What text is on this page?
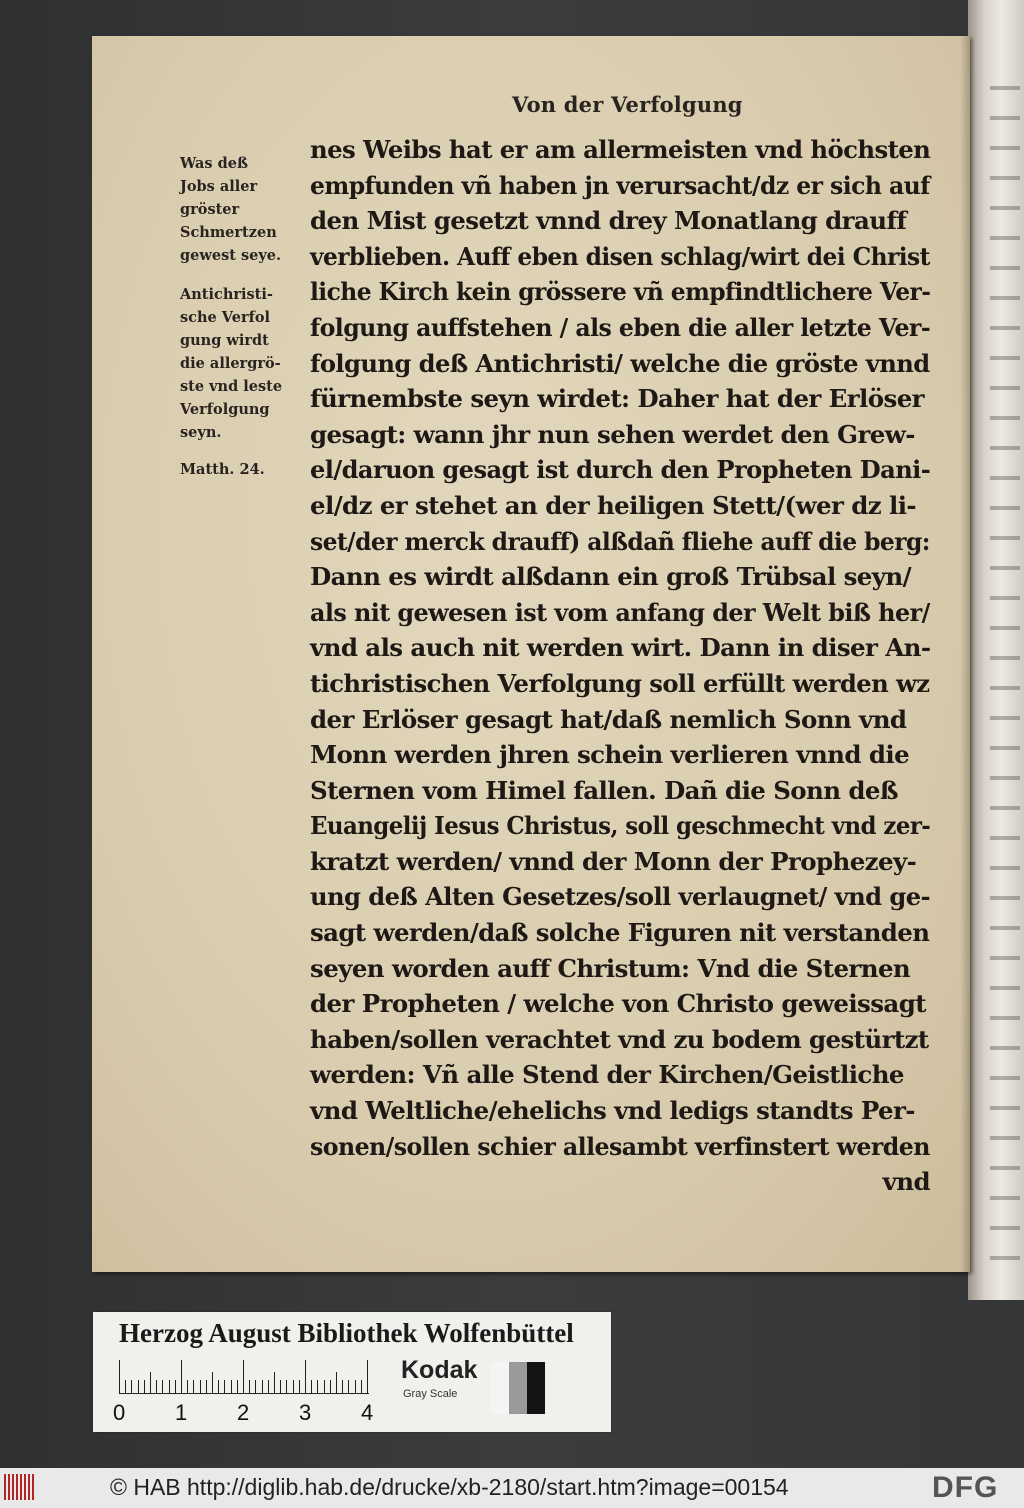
Von der Verfolgung
Was deß
Jobs aller
gröster
Schmertzen
gewest seye.
Antichristi-
sche Verfol
gung wirdt
die allergrö-
ste vnd leste
Verfolgung
seyn.
Matth. 24.
nes Weibs hat er am allermeisten vnd höchsten
empfunden vñ haben jn verursacht/dz er sich auf
den Mist gesetzt vnnd drey Monatlang drauff
verblieben. Auff eben disen schlag/wirt dei Christ
liche Kirch kein grössere vñ empfindtlichere Ver-
folgung auffstehen / als eben die aller letzte Ver-
folgung deß Antichristi/ welche die gröste vnnd
fürnembste seyn wirdet: Daher hat der Erlöser
gesagt: wann jhr nun sehen werdet den Grew-
el/daruon gesagt ist durch den Propheten Dani-
el/dz er stehet an der heiligen Stett/(wer dz li-
set/der merck drauff) alßdañ fliehe auff die berg:
Dann es wirdt alßdann ein groß Trübsal seyn/
als nit gewesen ist vom anfang der Welt biß her/
vnd als auch nit werden wirt. Dann in diser An-
tichristischen Verfolgung soll erfüllt werden wz
der Erlöser gesagt hat/daß nemlich Sonn vnd
Monn werden jhren schein verlieren vnnd die
Sternen vom Himel fallen. Dañ die Sonn deß
Euangelij Iesus Christus, soll geschmecht vnd zer-
kratzt werden/ vnnd der Monn der Prophezey-
ung deß Alten Gesetzes/soll verlaugnet/ vnd ge-
sagt werden/daß solche Figuren nit verstanden
seyen worden auff Christum: Vnd die Sternen
der Propheten / welche von Christo geweissagt
haben/sollen verachtet vnd zu bodem gestürtzt
werden: Vñ alle Stend der Kirchen/Geistliche
vnd Weltliche/ehelichs vnd ledigs standts Per-
sonen/sollen schier allesambt verfinstert werden
vnd
Herzog August Bibliothek Wolfenbüttel
0 1 2 3 4
Kodak
Gray Scale
© HAB http://diglib.hab.de/drucke/xb-2180/start.htm?image=00154	DFG
